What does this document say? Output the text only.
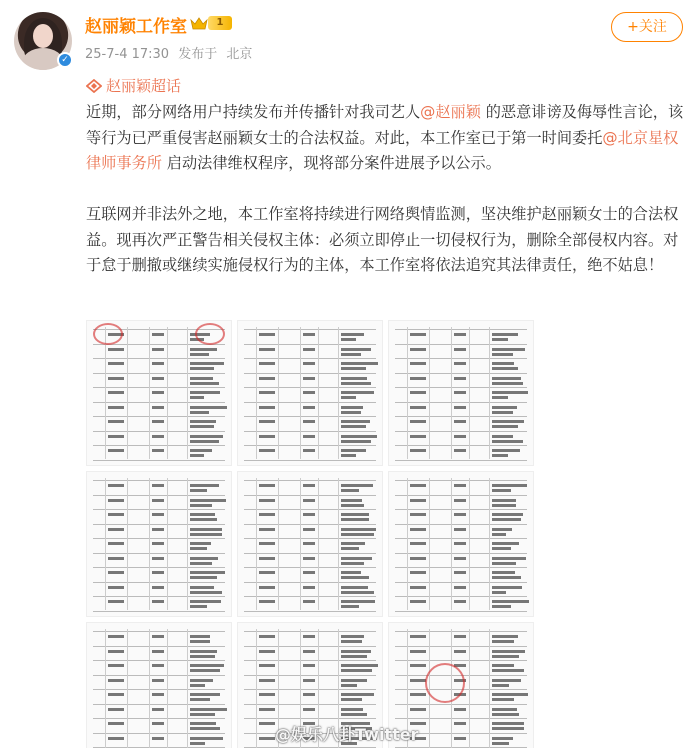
✓
赵丽颖工作室	1
25-7-4 17:30 发布于 北京
+关注
赵丽颖超话

近期，部分网络用户持续发布并传播针对我司艺人@赵丽颖 的恶意诽谤及侮辱性言论，该等行为已严重侵害赵丽颖女士的合法权益。对此，本工作室已于第一时间委托@北京星权律师事务所 启动法律维权程序，现将部分案件进展予以公示。

互联网并非法外之地，本工作室将持续进行网络舆情监测，坚决维护赵丽颖女士的合法权益。现再次严正警告相关侵权主体：必须立即停止一切侵权行为，删除全部侵权内容。对于怠于删撤或继续实施侵权行为的主体，本工作室将依法追究其法律责任，绝不姑息！

@娱乐八卦Twitter
